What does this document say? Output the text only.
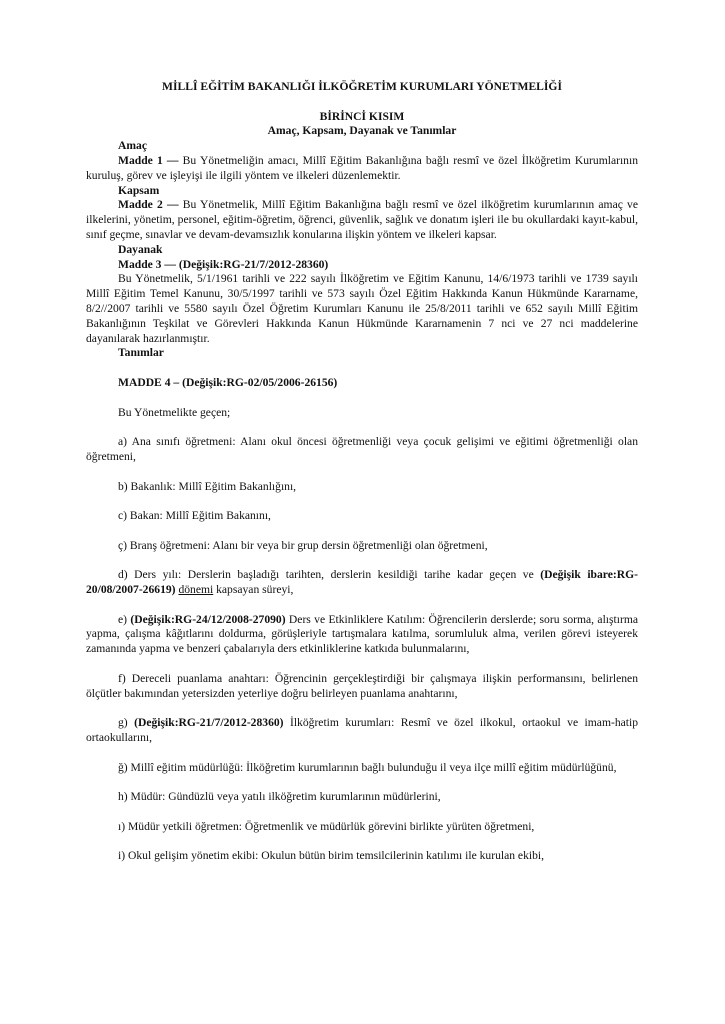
MİLLÎ EĞİTİM BAKANLIĞI İLKÖĞRETİM KURUMLARI YÖNETMELİĞİ

BİRİNCİ KISIM

Amaç, Kapsam, Dayanak ve Tanımlar

Amaç

Madde 1 — Bu Yönetmeliğin amacı, Millî Eğitim Bakanlığına bağlı resmî ve özel İlköğretim Kurumlarının kuruluş, görev ve işleyişi ile ilgili yöntem ve ilkeleri düzenlemektir.

Kapsam

Madde 2 — Bu Yönetmelik, Millî Eğitim Bakanlığına bağlı resmî ve özel ilköğretim kurumlarının amaç ve ilkelerini, yönetim, personel, eğitim-öğretim, öğrenci, güvenlik, sağlık ve donatım işleri ile bu okullardaki kayıt-kabul, sınıf geçme, sınavlar ve devam-devamsızlık konularına ilişkin yöntem ve ilkeleri kapsar.

Dayanak

Madde 3 — (Değişik:RG-21/7/2012-28360)

Bu Yönetmelik, 5/1/1961 tarihli ve 222 sayılı İlköğretim ve Eğitim Kanunu, 14/6/1973 tarihli ve 1739 sayılı Millî Eğitim Temel Kanunu, 30/5/1997 tarihli ve 573 sayılı Özel Eğitim Hakkında Kanun Hükmünde Kararname, 8/2//2007 tarihli ve 5580 sayılı Özel Öğretim Kurumları Kanunu ile 25/8/2011 tarihli ve 652 sayılı Millî Eğitim Bakanlığının Teşkilat ve Görevleri Hakkında Kanun Hükmünde Kararnamenin 7 nci ve 27 nci maddelerine dayanılarak hazırlanmıştır.

Tanımlar

MADDE 4 – (Değişik:RG-02/05/2006-26156)

Bu Yönetmelikte geçen;

a) Ana sınıfı öğretmeni: Alanı okul öncesi öğretmenliği veya çocuk gelişimi ve eğitimi öğretmenliği olan öğretmeni,

b) Bakanlık: Millî Eğitim Bakanlığını,

c) Bakan: Millî Eğitim Bakanını,

ç) Branş öğretmeni: Alanı bir veya bir grup dersin öğretmenliği olan öğretmeni,

d) Ders yılı: Derslerin başladığı tarihten, derslerin kesildiği tarihe kadar geçen ve (Değişik ibare:RG-20/08/2007-26619) dönemi kapsayan süreyi,

e) (Değişik:RG-24/12/2008-27090) Ders ve Etkinliklere Katılım: Öğrencilerin derslerde; soru sorma, alıştırma yapma, çalışma kâğıtlarını doldurma, görüşleriyle tartışmalara katılma, sorumluluk alma, verilen görevi isteyerek zamanında yapma ve benzeri çabalarıyla ders etkinliklerine katkıda bulunmalarını,

f) Dereceli puanlama anahtarı: Öğrencinin gerçekleştirdiği bir çalışmaya ilişkin performansını, belirlenen ölçütler bakımından yetersizden yeterliye doğru belirleyen puanlama anahtarını,

g) (Değişik:RG-21/7/2012-28360) İlköğretim kurumları: Resmî ve özel ilkokul, ortaokul ve imam-hatip ortaokullarını,

ğ) Millî eğitim müdürlüğü: İlköğretim kurumlarının bağlı bulunduğu il veya ilçe millî eğitim müdürlüğünü,

h) Müdür: Gündüzlü veya yatılı ilköğretim kurumlarının müdürlerini,

ı) Müdür yetkili öğretmen: Öğretmenlik ve müdürlük görevini birlikte yürüten öğretmeni,

i) Okul gelişim yönetim ekibi: Okulun bütün birim temsilcilerinin katılımı ile kurulan ekibi,
